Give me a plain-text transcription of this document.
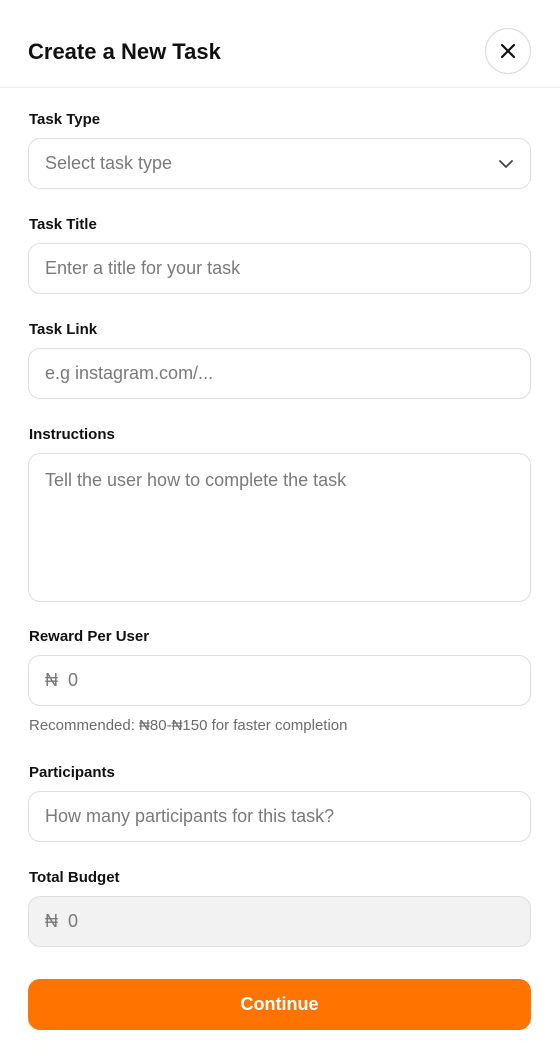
Create a New Task
Task Type
Select task type
Task Title
Enter a title for your task
Task Link
e.g instagram.com/...
Instructions
Tell the user how to complete the task
Reward Per User
₦
0
Recommended: ₦80-₦150 for faster completion
Participants
How many participants for this task?
Total Budget
₦ 0
Continue
